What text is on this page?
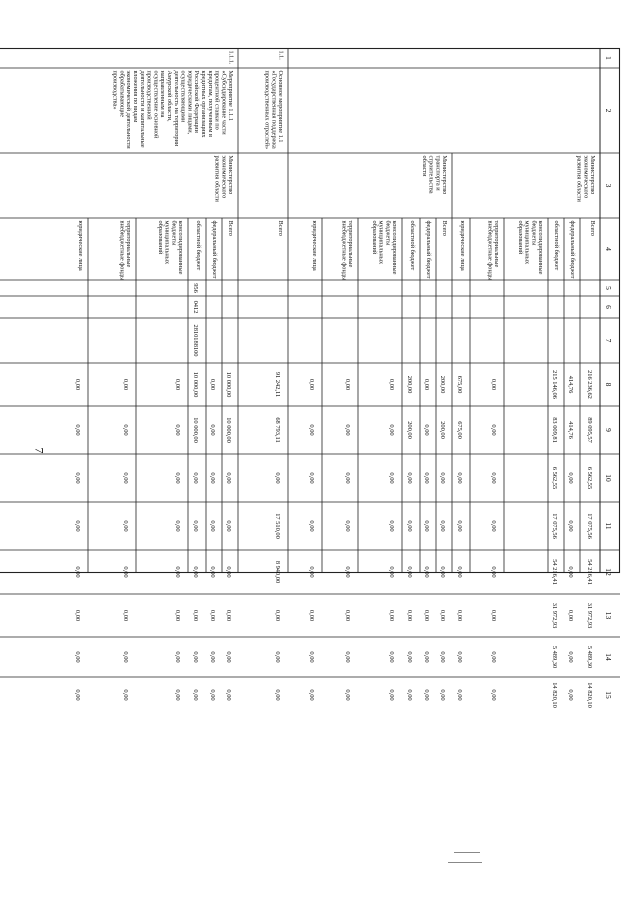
7
1
2
3
4
5
6
7
8
9
10
11
12
13
14
15
Министерствоэкономическогоразвития области
Всего
216 236,62
89 095,57
6 562,55
17 075,56
54 216,41
31 972,93
5 489,30
14 820,10
федеральный бюджет
414,76
414,76
0,00
0,00
0,00
0,00
0,00
0,00
областной бюджет
215 146,06
83 009,81
6 562,55
17 075,56
54 216,41
31 972,93
5 489,30
14 820,10
консолидированныебюджетымуниципальныхобразований
территориальныевнебюджетные фонды
0,00
0,00
0,00
0,00
0,00
0,00
0,00
0,00
юридические лица
675,00
675,00
0,00
0,00
0,00
0,00
0,00
0,00
Министерствотранспорта истроительстваобласти
Всего
200,00
200,00
0,00
0,00
0,00
0,00
0,00
0,00
федеральный бюджет
0,00
0,00
0,00
0,00
0,00
0,00
0,00
0,00
областной бюджет
200,00
200,00
0,00
0,00
0,00
0,00
0,00
0,00
консолидированныебюджетымуниципальныхобразований
0,00
0,00
0,00
0,00
0,00
0,00
0,00
0,00
территориальныевнебюджетные фонды
0,00
0,00
0,00
0,00
0,00
0,00
0,00
0,00
юридические лица
0,00
0,00
0,00
0,00
0,00
0,00
0,00
0,00
1.1.
Основное мероприятие 1.1«Государственная поддержкапроизводственных отраслей»
Всего
91 242,11
68 793,11
0,00
17 510,00
8 940,00
0,00
0,00
0,00
1.1.1.
Мероприятие 1.1.1«Субсидирование частипроцентной ставки покредитам, полученным вкредитных организацияхРоссийской Федерацииюридическими лицами,осуществляющимидеятельность на территорииАмурской области,направленным наосуществление основнойпроизводственнойдеятельности и капитальныевложения по видамэкономической деятельностиобрабатывающиепроизводства»
Министерствоэкономическогоразвития области
Всего
10 000,00
10 000,00
0,00
0,00
0,00
0,00
0,00
0,00
федеральный бюджет
0,00
0,00
0,00
0,00
0,00
0,00
0,00
0,00
областной бюджет
956
0412
2810188100
10 000,00
10 000,00
0,00
0,00
0,00
0,00
0,00
0,00
консолидированныебюджетымуниципальныхобразований
0,00
0,00
0,00
0,00
0,00
0,00
0,00
0,00
территориальныевнебюджетные фонды
0,00
0,00
0,00
0,00
0,00
0,00
0,00
0,00
юридические лица
0,00
0,00
0,00
0,00
0,00
0,00
0,00
0,00
